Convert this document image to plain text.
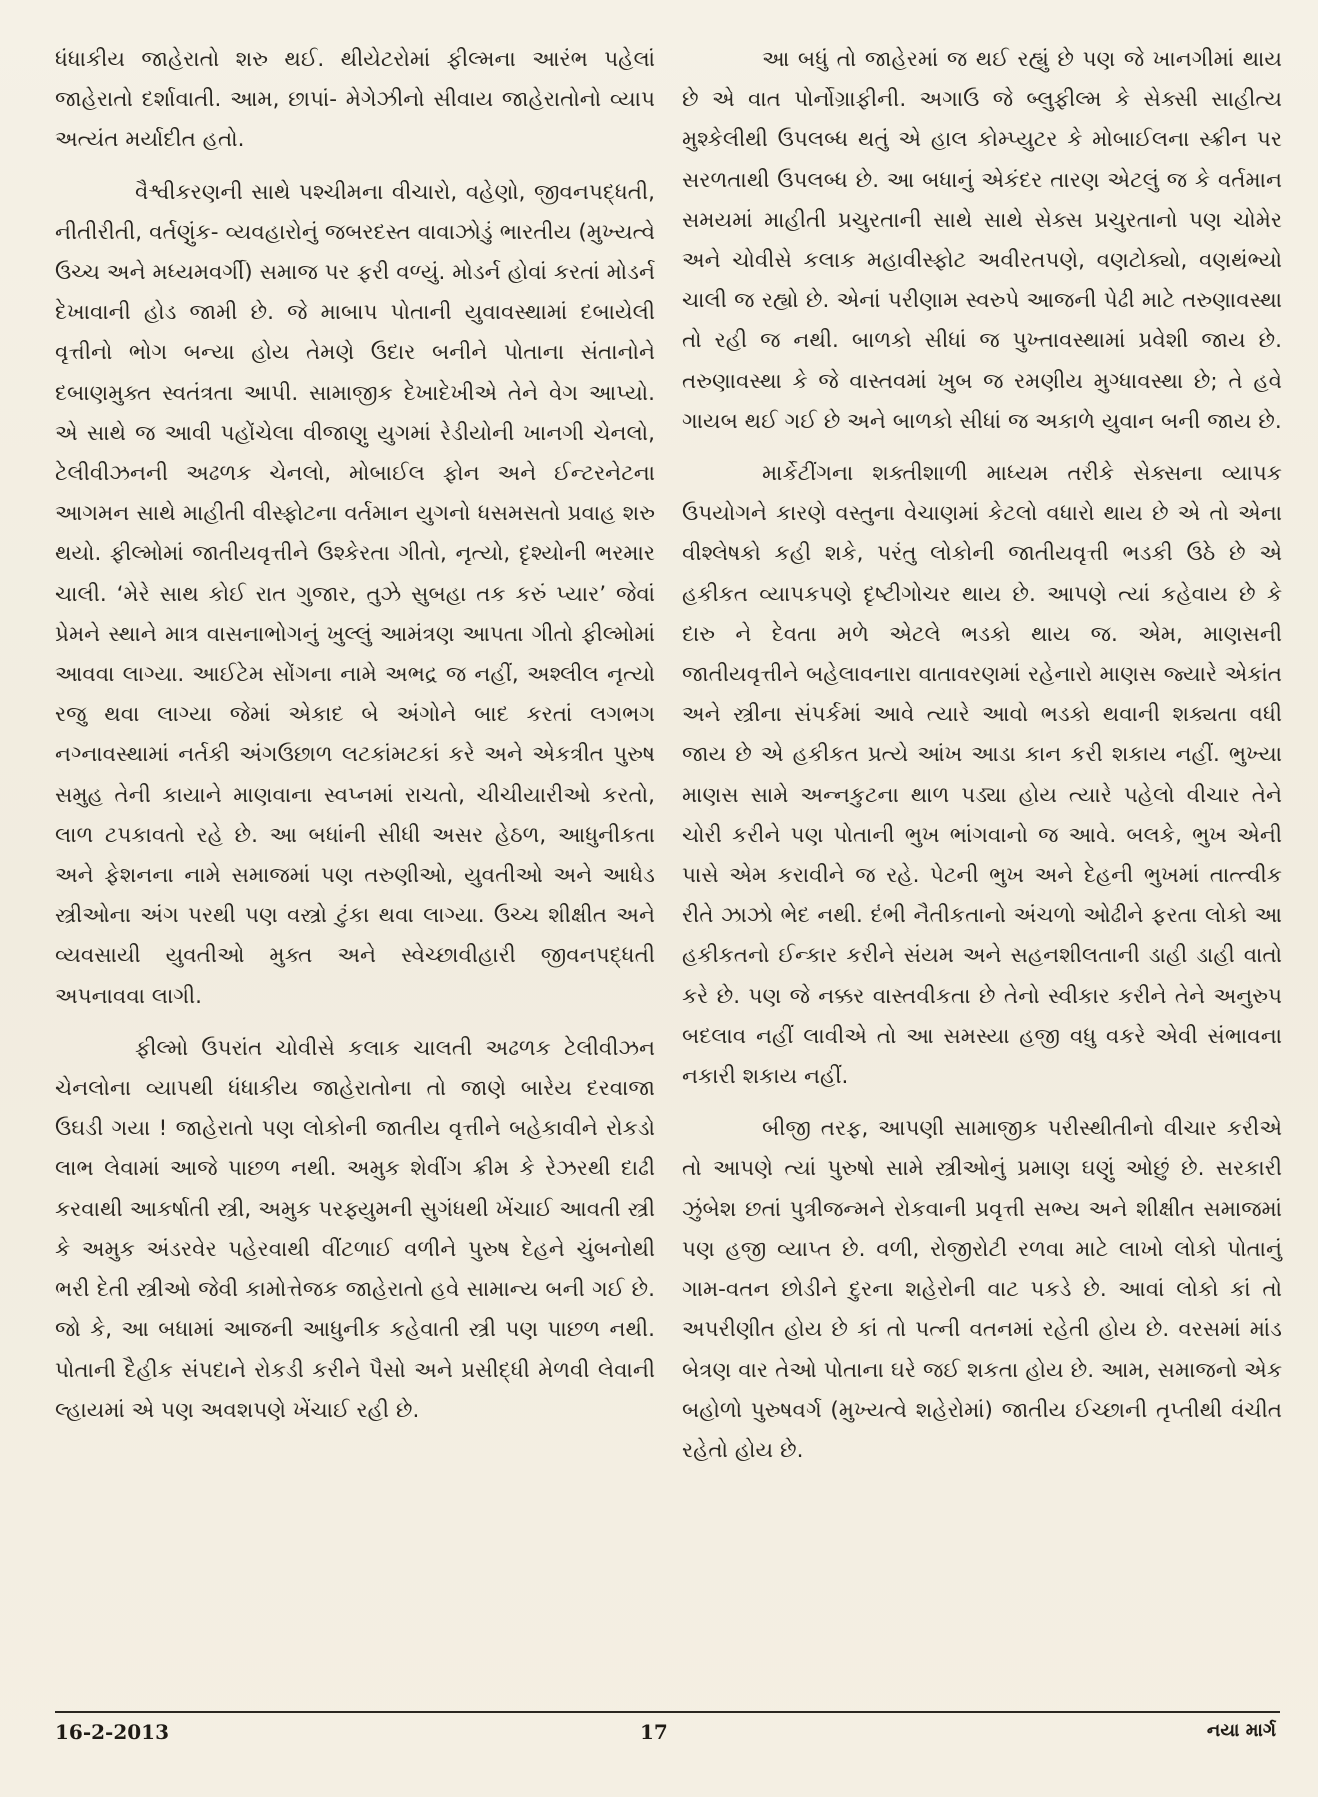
ધંધાકીય જાહેરાતો શરુ થઈ. થીયેટરોમાં ફીલ્મના આરંભ પહેલાં જાહેરાતો દર્શાવાતી. આમ, છાપાં- મેગેઝીનો સીવાય જાહેરાતોનો વ્યાપ અત્યંત મર્યાદીત હતો.

વૈશ્વીકરણની સાથે પશ્ચીમના વીચારો, વહેણો, જીવનપદ્ધતી, નીતીરીતી, વર્તણુંક- વ્યવહારોનું જબરદસ્ત વાવાઝોડું ભારતીય (મુખ્યત્વે ઉચ્ચ અને મધ્યમવર્ગી) સમાજ પર ફરી વળ્યું. મોડર્ન હોવાં કરતાં મોડર્ન દેખાવાની હોડ જામી છે. જે માબાપ પોતાની યુવાવસ્થામાં દબાયેલી વૃત્તીનો ભોગ બન્યા હોય તેમણે ઉદાર બનીને પોતાના સંતાનોને દબાણમુક્ત સ્વતંત્રતા આપી. સામાજીક દેખાદેખીએ તેને વેગ આપ્યો. એ સાથે જ આવી પહોંચેલા વીજાણુ યુગમાં રેડીયોની ખાનગી ચેનલો, ટેલીવીઝનની અઢળક ચેનલો, મોબાઈલ ફોન અને ઈન્ટરનેટના આગમન સાથે માહીતી વીસ્ફોટના વર્તમાન યુગનો ધસમસતો પ્રવાહ શરુ થયો. ફીલ્મોમાં જાતીયવૃત્તીને ઉશ્કેરતા ગીતો, નૃત્યો, દૃશ્યોની ભરમાર ચાલી. ‘મેરે સાથ કોઈ રાત ગુજાર, તુઝે સુબહા તક કરું પ્યાર’ જેવાં પ્રેમને સ્થાને માત્ર વાસનાભોગનું ખુલ્લું આમંત્રણ આપતા ગીતો ફીલ્મોમાં આવવા લાગ્યા. આઈટેમ સોંગના નામે અભદ્ર જ નહીં, અશ્લીલ નૃત્યો રજુ થવા લાગ્યા જેમાં એકાદ બે અંગોને બાદ કરતાં લગભગ નગ્નાવસ્થામાં નર્તકી અંગઉછાળ લટકાંમટકાં કરે અને એકત્રીત પુરુષ સમુહ તેની કાયાને માણવાના સ્વપ્નમાં રાચતો, ચીચીયારીઓ કરતો, લાળ ટપકાવતો રહે છે. આ બધાંની સીધી અસર હેઠળ, આધુનીકતા અને ફેશનના નામે સમાજમાં પણ તરુણીઓ, યુવતીઓ અને આધેડ સ્ત્રીઓના અંગ પરથી પણ વસ્ત્રો ટુંકા થવા લાગ્યા. ઉચ્ચ શીક્ષીત અને વ્યવસાયી યુવતીઓ મુક્ત અને સ્વેચ્છાવીહારી જીવનપદ્ધતી અપનાવવા લાગી.

ફીલ્મો ઉપરાંત ચોવીસે કલાક ચાલતી અઢળક ટેલીવીઝન ચેનલોના વ્યાપથી ધંધાકીય જાહેરાતોના તો જાણે બારેય દરવાજા ઉઘડી ગયા ! જાહેરાતો પણ લોકોની જાતીય વૃત્તીને બહેકાવીને રોકડો લાભ લેવામાં આજે પાછળ નથી. અમુક શેવીંગ ક્રીમ કે રેઝરથી દાઢી કરવાથી આકર્ષાતી સ્ત્રી, અમુક પરફ્યુમની સુગંધથી ખેંચાઈ આવતી સ્ત્રી કે અમુક અંડરવેર પહેરવાથી વીંટળાઈ વળીને પુરુષ દેહને ચુંબનોથી ભરી દેતી સ્ત્રીઓ જેવી કામોત્તેજક જાહેરાતો હવે સામાન્ય બની ગઈ છે. જો કે, આ બધામાં આજની આધુનીક કહેવાતી સ્ત્રી પણ પાછળ નથી. પોતાની દૈહીક સંપદાને રોકડી કરીને પૈસો અને પ્રસીદ્ધી મેળવી લેવાની લ્હાયમાં એ પણ અવશપણે ખેંચાઈ રહી છે.

આ બધું તો જાહેરમાં જ થઈ રહ્યું છે પણ જે ખાનગીમાં થાય છે એ વાત પોર્નોગ્રાફીની. અગાઉ જે બ્લુફીલ્મ કે સેક્સી સાહીત્ય મુશ્કેલીથી ઉપલબ્ધ થતું એ હાલ કોમ્પ્યુટર કે મોબાઈલના સ્ક્રીન પર સરળતાથી ઉપલબ્ધ છે. આ બધાનું એકંદર તારણ એટલું જ કે વર્તમાન સમયમાં માહીતી પ્રચુરતાની સાથે સાથે સેક્સ પ્રચુરતાનો પણ ચોમેર અને ચોવીસે કલાક મહાવીસ્ફોટ અવીરતપણે, વણટોક્યો, વણથંભ્યો ચાલી જ રહ્યો છે. એનાં પરીણામ સ્વરુપે આજની પેઢી માટે તરુણાવસ્થા તો રહી જ નથી. બાળકો સીધાં જ પુખ્તાવસ્થામાં પ્રવેશી જાય છે. તરુણાવસ્થા કે જે વાસ્તવમાં ખુબ જ રમણીય મુગ્ધાવસ્થા છે; તે હવે ગાયબ થઈ ગઈ છે અને બાળકો સીધાં જ અકાળે યુવાન બની જાય છે.

માર્કેટીંગના શક્તીશાળી માધ્યમ તરીકે સેક્સના વ્યાપક ઉપયોગને કારણે વસ્તુના વેચાણમાં કેટલો વધારો થાય છે એ તો એના વીશ્લેષકો કહી શકે, પરંતુ લોકોની જાતીયવૃત્તી ભડકી ઉઠે છે એ હકીકત વ્યાપકપણે દૃષ્ટીગોચર થાય છે. આપણે ત્યાં કહેવાય છે કે દારુ ને દેવતા મળે એટલે ભડકો થાય જ. એમ, માણસની જાતીયવૃત્તીને બહેલાવનારા વાતાવરણમાં રહેનારો માણસ જ્યારે એકાંત અને સ્ત્રીના સંપર્કમાં આવે ત્યારે આવો ભડકો થવાની શક્યતા વધી જાય છે એ હકીકત પ્રત્યે આંખ આડા કાન કરી શકાય નહીં. ભુખ્યા માણસ સામે અન્નકુટના થાળ પડ્યા હોય ત્યારે પહેલો વીચાર તેને ચોરી કરીને પણ પોતાની ભુખ ભાંગવાનો જ આવે. બલકે, ભુખ એની પાસે એમ કરાવીને જ રહે. પેટની ભુખ અને દેહની ભુખમાં તાત્ત્વીક રીતે ઝાઝો ભેદ નથી. દંભી નૈતીકતાનો અંચળો ઓઢીને ફરતા લોકો આ હકીકતનો ઈન્કાર કરીને સંયમ અને સહનશીલતાની ડાહી ડાહી વાતો કરે છે. પણ જે નક્કર વાસ્તવીકતા છે તેનો સ્વીકાર કરીને તેને અનુરુપ બદલાવ નહીં લાવીએ તો આ સમસ્યા હજી વધુ વકરે એવી સંભાવના નકારી શકાય નહીં.

બીજી તરફ, આપણી સામાજીક પરીસ્થીતીનો વીચાર કરીએ તો આપણે ત્યાં પુરુષો સામે સ્ત્રીઓનું પ્રમાણ ઘણું ઓછું છે. સરકારી ઝુંબેશ છતાં પુત્રીજન્મને રોકવાની પ્રવૃત્તી સભ્ય અને શીક્ષીત સમાજમાં પણ હજી વ્યાપ્ત છે. વળી, રોજીરોટી રળવા માટે લાખો લોકો પોતાનું ગામ-વતન છોડીને દુરના શહેરોની વાટ પકડે છે. આવાં લોકો કાં તો અપરીણીત હોય છે કાં તો પત્ની વતનમાં રહેતી હોય છે. વરસમાં માંડ બેત્રણ વાર તેઓ પોતાના ઘરે જઈ શકતા હોય છે. આમ, સમાજનો એક બહોળો પુરુષવર્ગ (મુખ્યત્વે શહેરોમાં) જાતીય ઈચ્છાની તૃપ્તીથી વંચીત રહેતો હોય છે.

16-2-2013	17	નયા માર્ગ
